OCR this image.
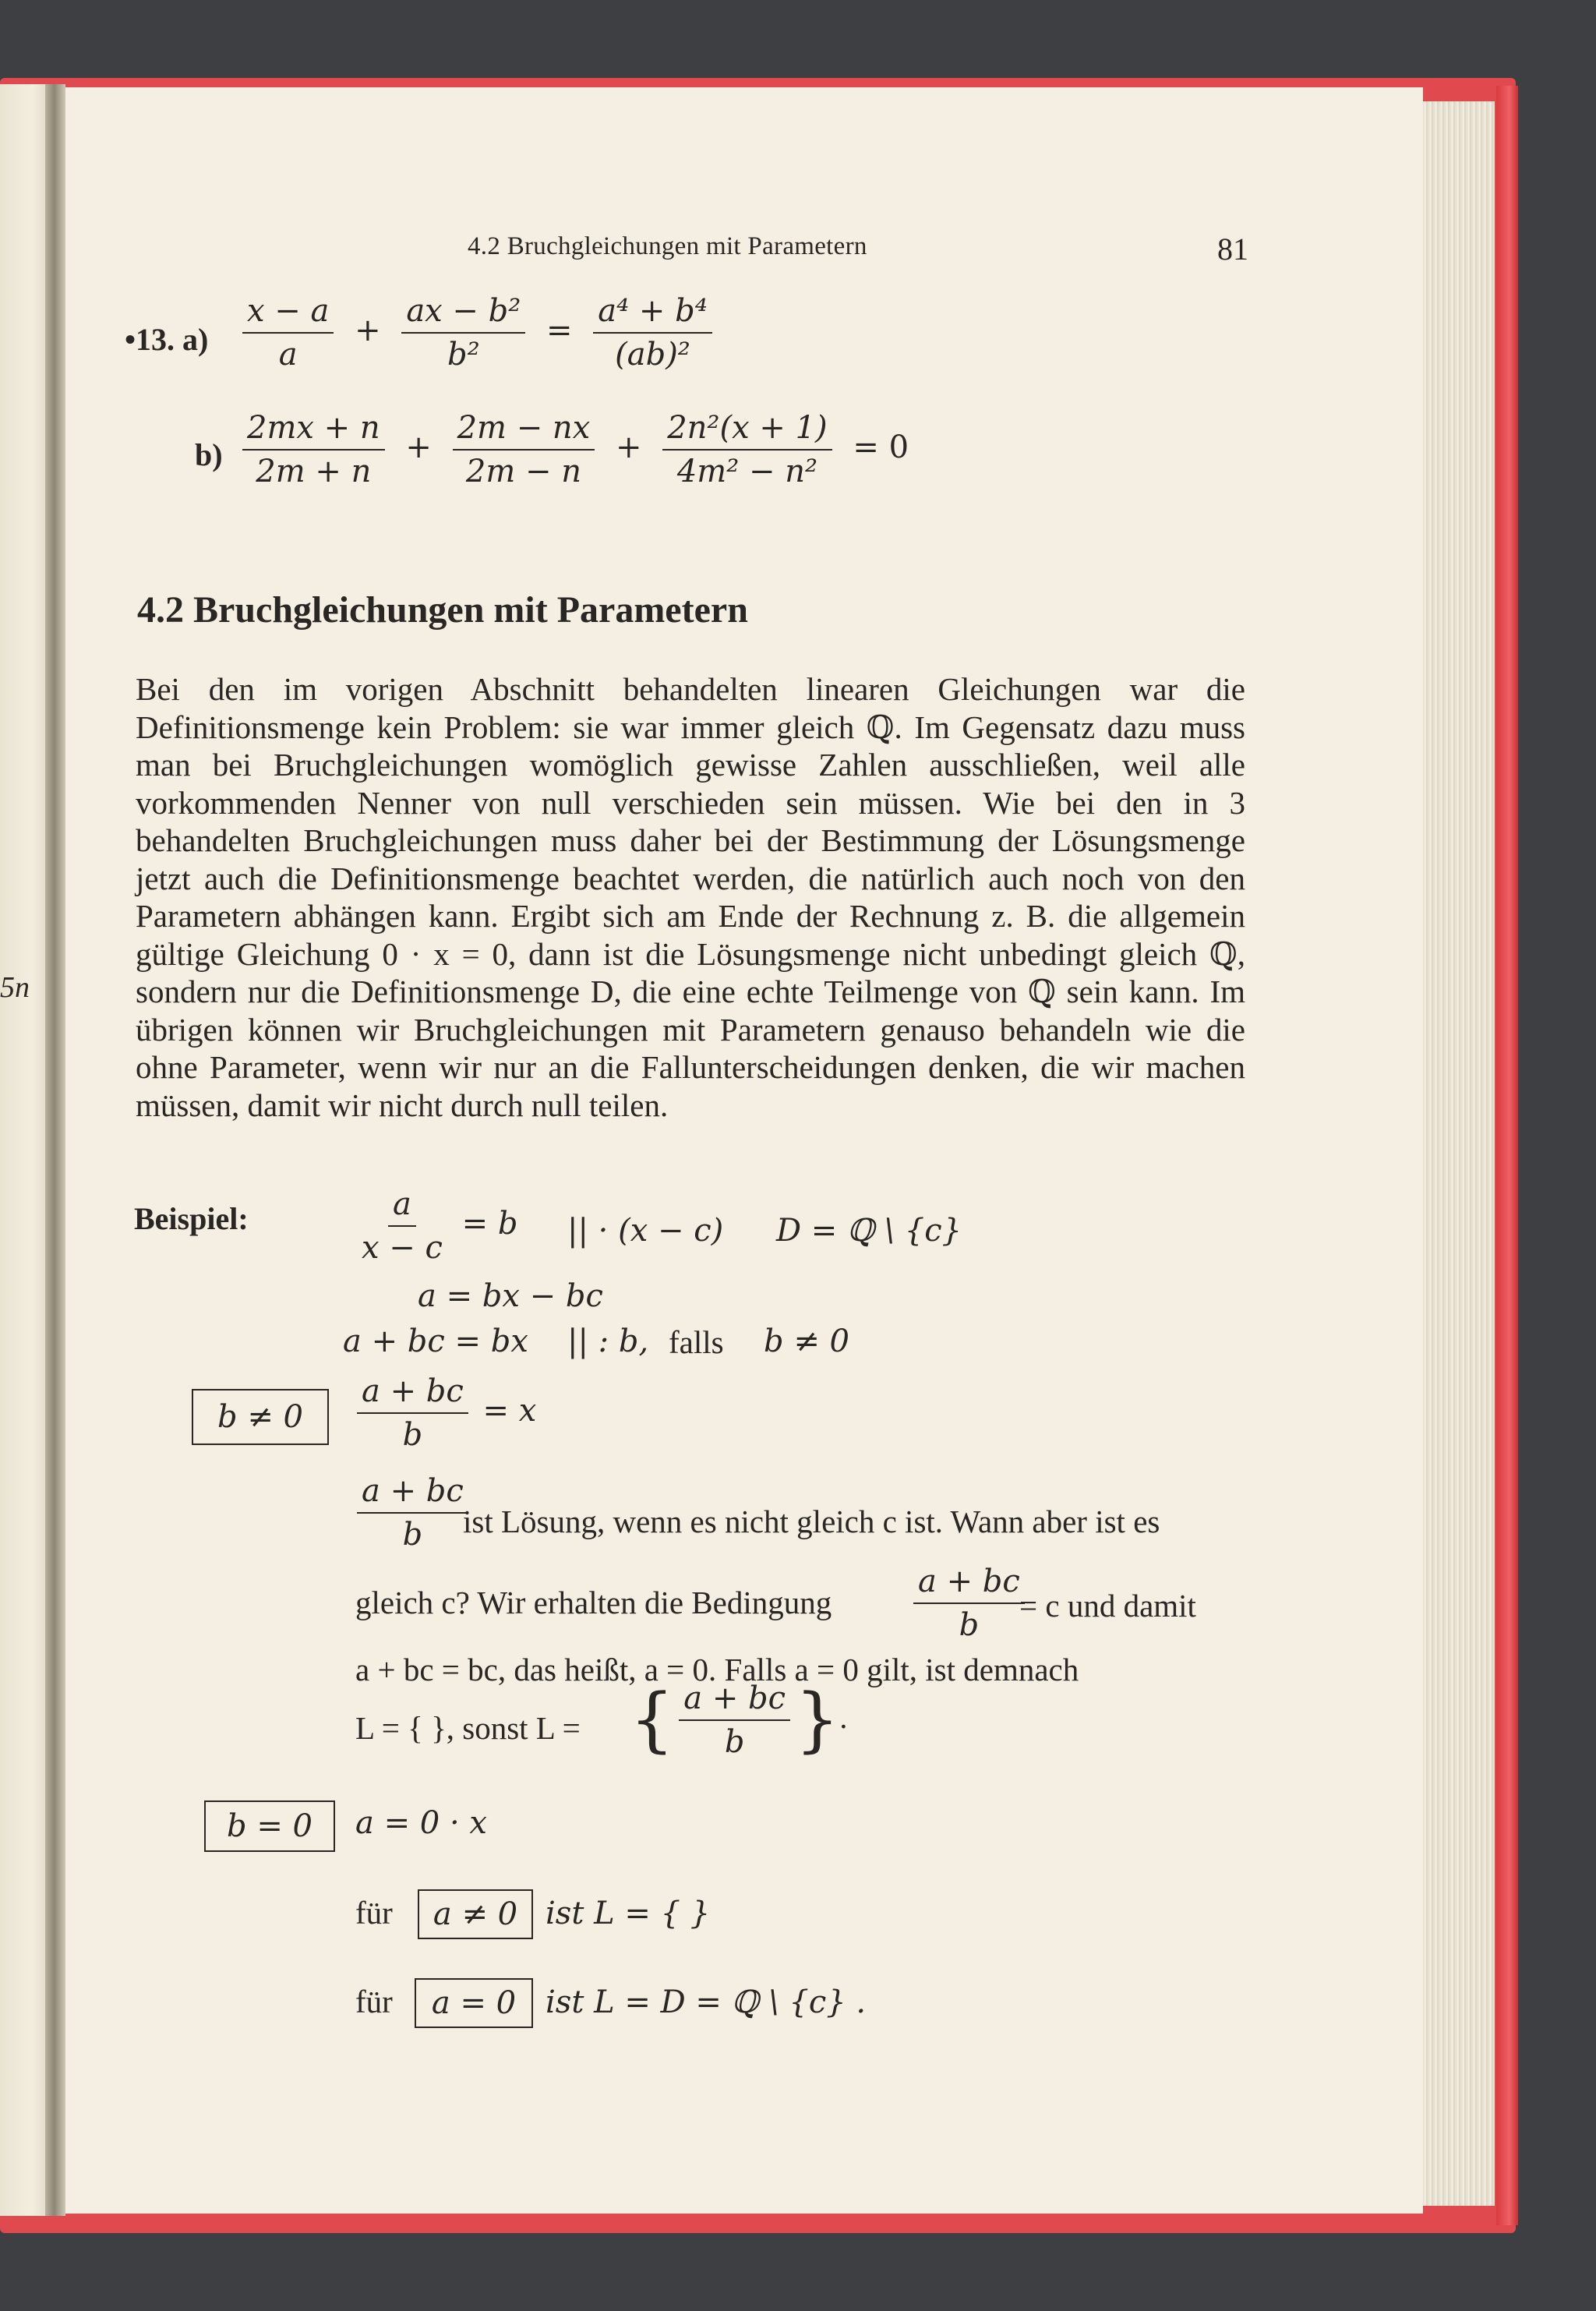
5n
4.2 Bruchgleichungen mit Parametern	81
•13. $a) \frac{x - a}{a} + \frac{\text{ax − b²}}{\text{b²}} = \frac{\text{a⁴ + b⁴}}{\text{(ab)²}}$
$b) \frac{2mx + n}{2m + n} + \frac{2m - nx}{2m - n} + \frac{\text{2n²(x + 1)}}{\text{4m² − n²}} = 0$
4.2 Bruchgleichungen mit Parametern

Bei den im vorigen Abschnitt behandelten linearen Gleichungen war die Definitionsmenge kein Problem: sie war immer gleich ℚ. Im Gegensatz dazu muss man bei Bruchgleichungen womöglich gewisse Zahlen ausschließen, weil alle vorkommenden Nenner von null verschieden sein müssen. Wie bei den in 3 behandelten Bruchgleichungen muss daher bei der Bestimmung der Lösungsmenge jetzt auch die Definitionsmenge beachtet werden, die natürlich auch noch von den Parametern abhängen kann. Ergibt sich am Ende der Rechnung z. B. die allgemein gültige Gleichung 0 · x = 0, dann ist die Lösungsmenge nicht unbedingt gleich ℚ, sondern nur die Definitionsmenge D, die eine echte Teilmenge von ℚ sein kann. Im übrigen können wir Bruchgleichungen mit Parametern genauso behandeln wie die ohne Parameter, wenn wir nur an die Fallunterscheidungen denken, die wir machen müssen, damit wir nicht durch null teilen.

Beispiel:	$\frac{a}{x - c} = b$ || · (x − c) D = ℚ \ {c}
a = bx − bc
a + bc = bx || : b, falls b ≠ 0
b ≠ 0	$\frac{a + bc}{b} = x$
$\frac{a + bc}{b}$
ist Lösung, wenn es nicht gleich c ist. Wann aber ist es
gleich c? Wir erhalten die Bedingung	$\frac{a + bc}{b}$
= c und damit
a + bc = bc, das heißt, a = 0. Falls a = 0 gilt, ist demnach
L = { }, sonst L = { $\frac{a + bc}{b}$ }.
b = 0	a = 0 · x
für	a ≠ 0 ist L = { }
für	a = 0 ist L = D = ℚ \ {c} .
